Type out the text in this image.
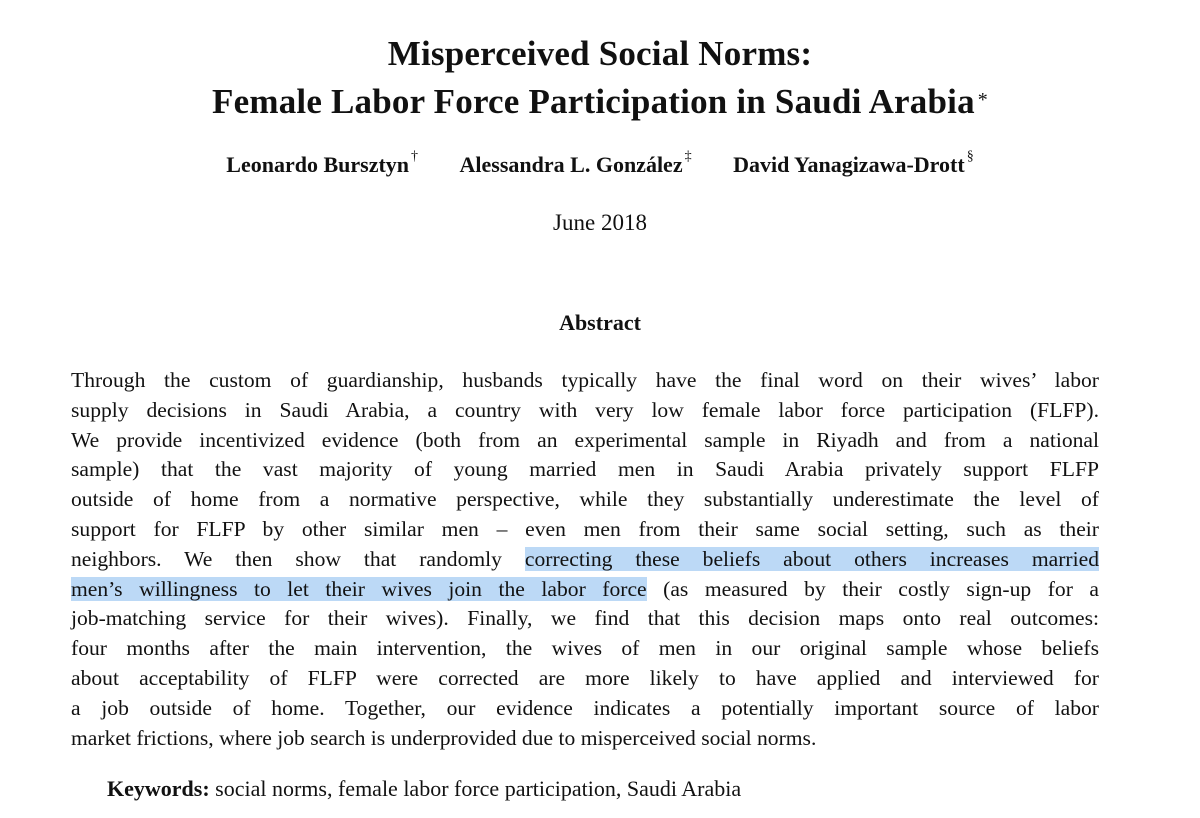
Misperceived Social Norms:
Female Labor Force Participation in Saudi Arabia *
Leonardo Bursztyn † Alessandra L. González ‡ David Yanagizawa-Drott §
June 2018
Abstract
Through the custom of guardianship, husbands typically have the final word on their wives’ labor
supply decisions in Saudi Arabia, a country with very low female labor force participation (FLFP).
We provide incentivized evidence (both from an experimental sample in Riyadh and from a national
sample) that the vast majority of young married men in Saudi Arabia privately support FLFP
outside of home from a normative perspective, while they substantially underestimate the level of
support for FLFP by other similar men – even men from their same social setting, such as their
neighbors. We then show that randomly correcting these beliefs about others increases married
men’s willingness to let their wives join the labor force (as measured by their costly sign-up for a
job-matching service for their wives). Finally, we find that this decision maps onto real outcomes:
four months after the main intervention, the wives of men in our original sample whose beliefs
about acceptability of FLFP were corrected are more likely to have applied and interviewed for
a job outside of home. Together, our evidence indicates a potentially important source of labor
market frictions, where job search is underprovided due to misperceived social norms.
Keywords: social norms, female labor force participation, Saudi Arabia
